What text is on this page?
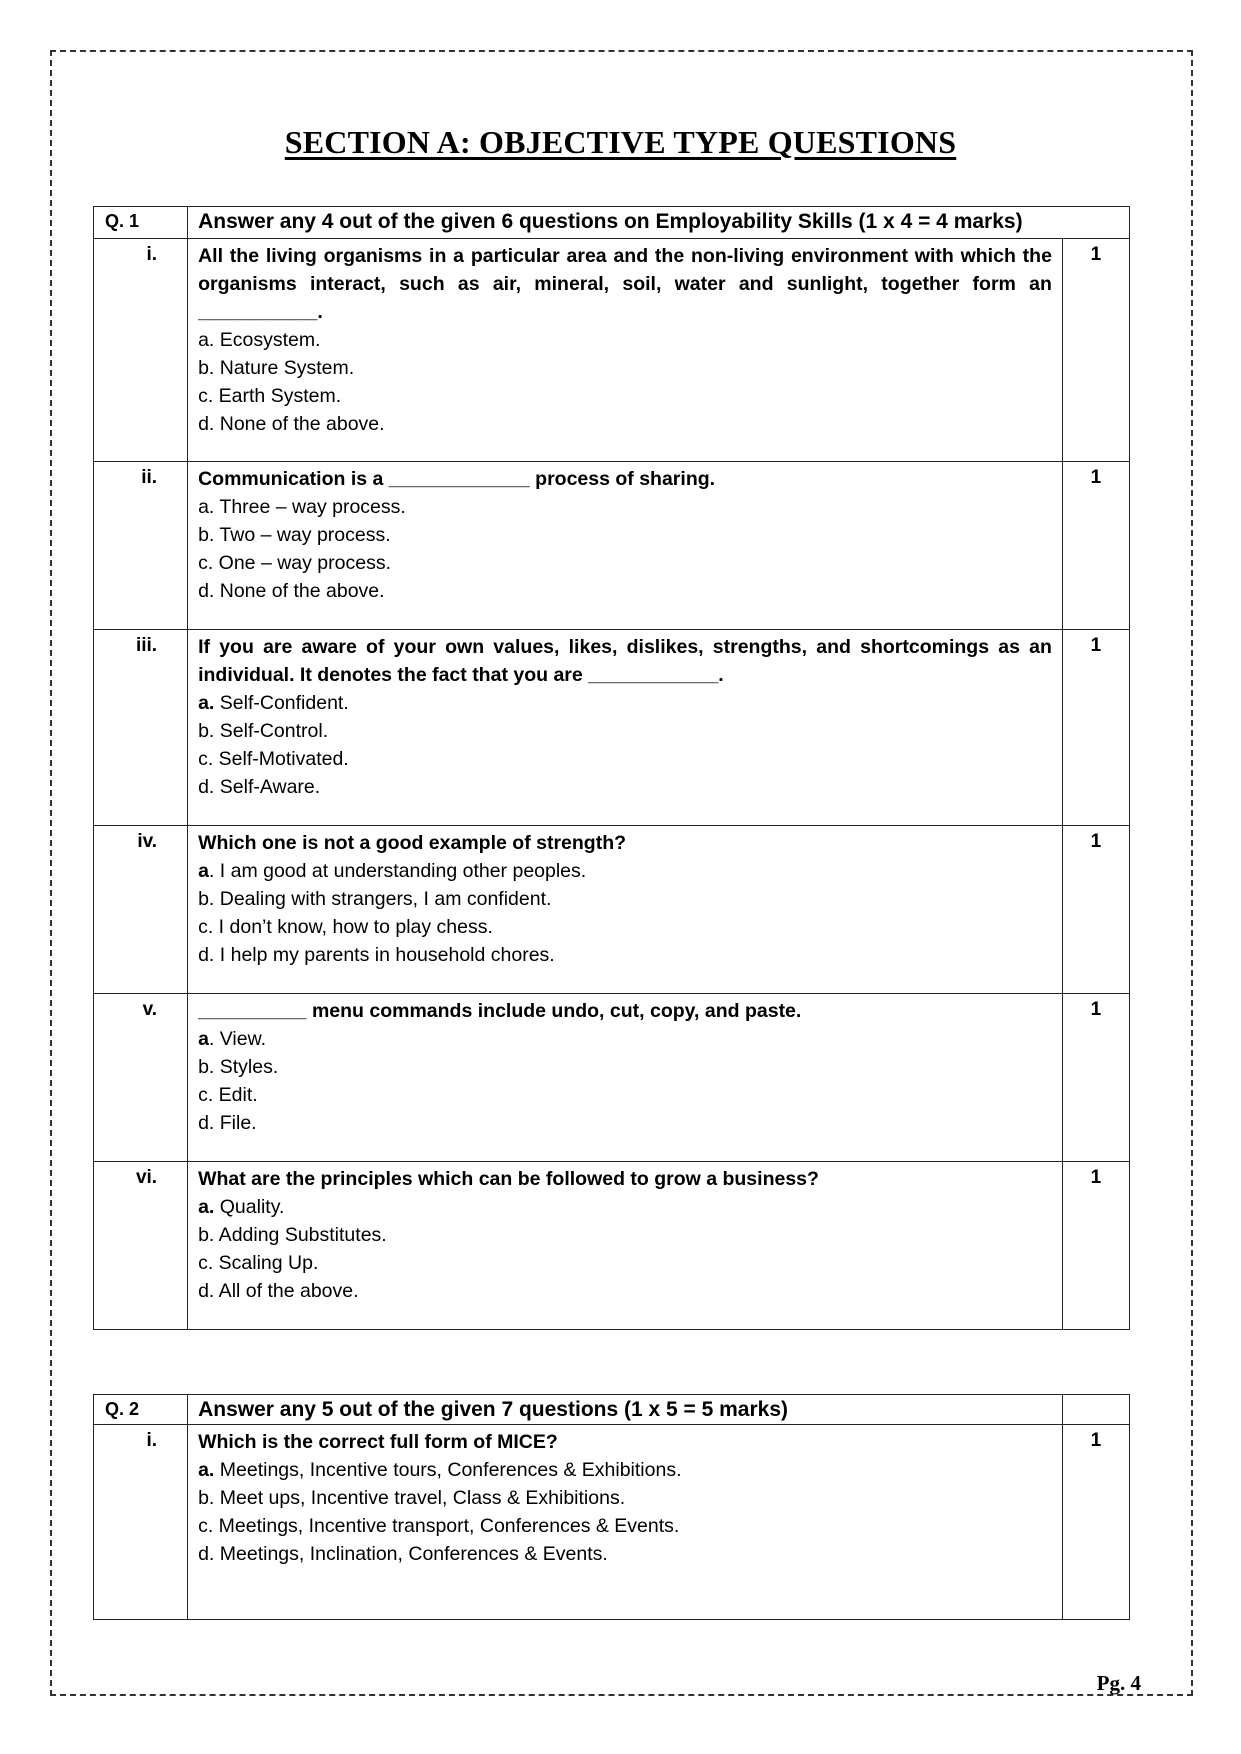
SECTION A: OBJECTIVE TYPE QUESTIONS
Q. 1	Answer any 4 out of the given 6 questions on Employability Skills (1 x 4 = 4 marks)	
i.	All the living organisms in a particular area and the non-living environment with which the organisms interact, such as air, mineral, soil, water and sunlight, together form an ___________.
a. Ecosystem.
b. Nature System.
c. Earth System.
d. None of the above.	1
ii.	Communication is a _____________ process of sharing.
a. Three – way process.
b. Two – way process.
c. One – way process.
d. None of the above.	1
iii.	If you are aware of your own values, likes, dislikes, strengths, and shortcomings as an individual. It denotes the fact that you are ____________.
a. Self-Confident.
b. Self-Control.
c. Self-Motivated.
d. Self-Aware.	1
iv.	Which one is not a good example of strength?
a. I am good at understanding other peoples.
b. Dealing with strangers, I am confident.
c. I don’t know, how to play chess.
d. I help my parents in household chores.	1
v.	__________ menu commands include undo, cut, copy, and paste.
a. View.
b. Styles.
c. Edit.
d. File.	1
vi.	What are the principles which can be followed to grow a business?
a. Quality.
b. Adding Substitutes.
c. Scaling Up.
d. All of the above.	1
Q. 2	Answer any 5 out of the given 7 questions (1 x 5 = 5 marks)	
i.	Which is the correct full form of MICE?
a. Meetings, Incentive tours, Conferences & Exhibitions.
b. Meet ups, Incentive travel, Class & Exhibitions.
c. Meetings, Incentive transport, Conferences & Events.
d. Meetings, Inclination, Conferences & Events.	1
Pg. 4
